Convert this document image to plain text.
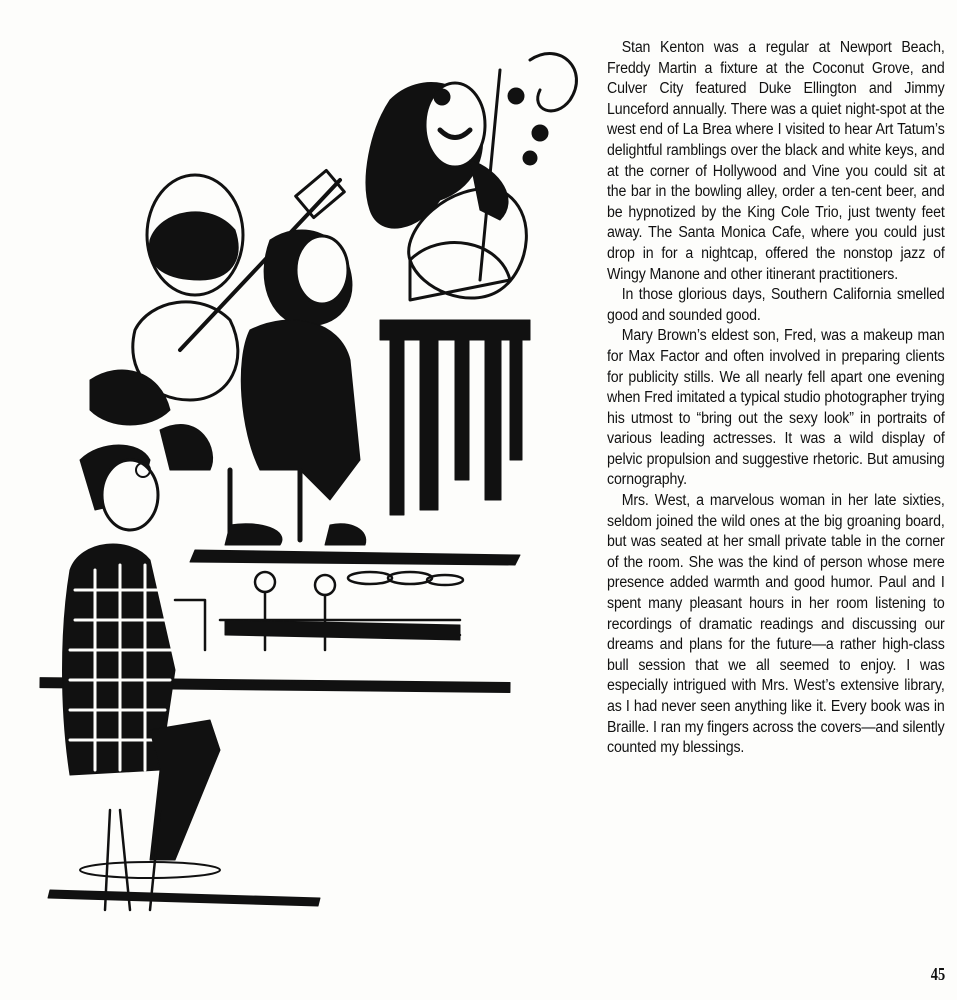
Stan Kenton was a regular at Newport Beach, Freddy Martin a fixture at the Coconut Grove, and Culver City featured Duke Ellington and Jimmy Lunceford annually. There was a quiet night-spot at the west end of La Brea where I visited to hear Art Tatum’s delightful ramblings over the black and white keys, and at the corner of Hollywood and Vine you could sit at the bar in the bowling alley, order a ten-cent beer, and be hypnotized by the King Cole Trio, just twenty feet away. The Santa Monica Cafe, where you could just drop in for a nightcap, offered the nonstop jazz of Wingy Manone and other itinerant practitioners.

In those glorious days, Southern California smelled good and sounded good.

Mary Brown’s eldest son, Fred, was a makeup man for Max Factor and often involved in preparing clients for publicity stills. We all nearly fell apart one evening when Fred imitated a typical studio photographer trying his utmost to “bring out the sexy look” in portraits of various leading actresses. It was a wild display of pelvic propulsion and suggestive rhetoric. But amusing cornography.

Mrs. West, a marvelous woman in her late sixties, seldom joined the wild ones at the big groaning board, but was seated at her small private table in the corner of the room. She was the kind of person whose mere presence added warmth and good humor. Paul and I spent many pleasant hours in her room listening to recordings of dramatic readings and discussing our dreams and plans for the future—a rather high-class bull session that we all seemed to enjoy. I was especially intrigued with Mrs. West’s extensive library, as I had never seen anything like it. Every book was in Braille. I ran my fingers across the covers—and silently counted my blessings.

45
